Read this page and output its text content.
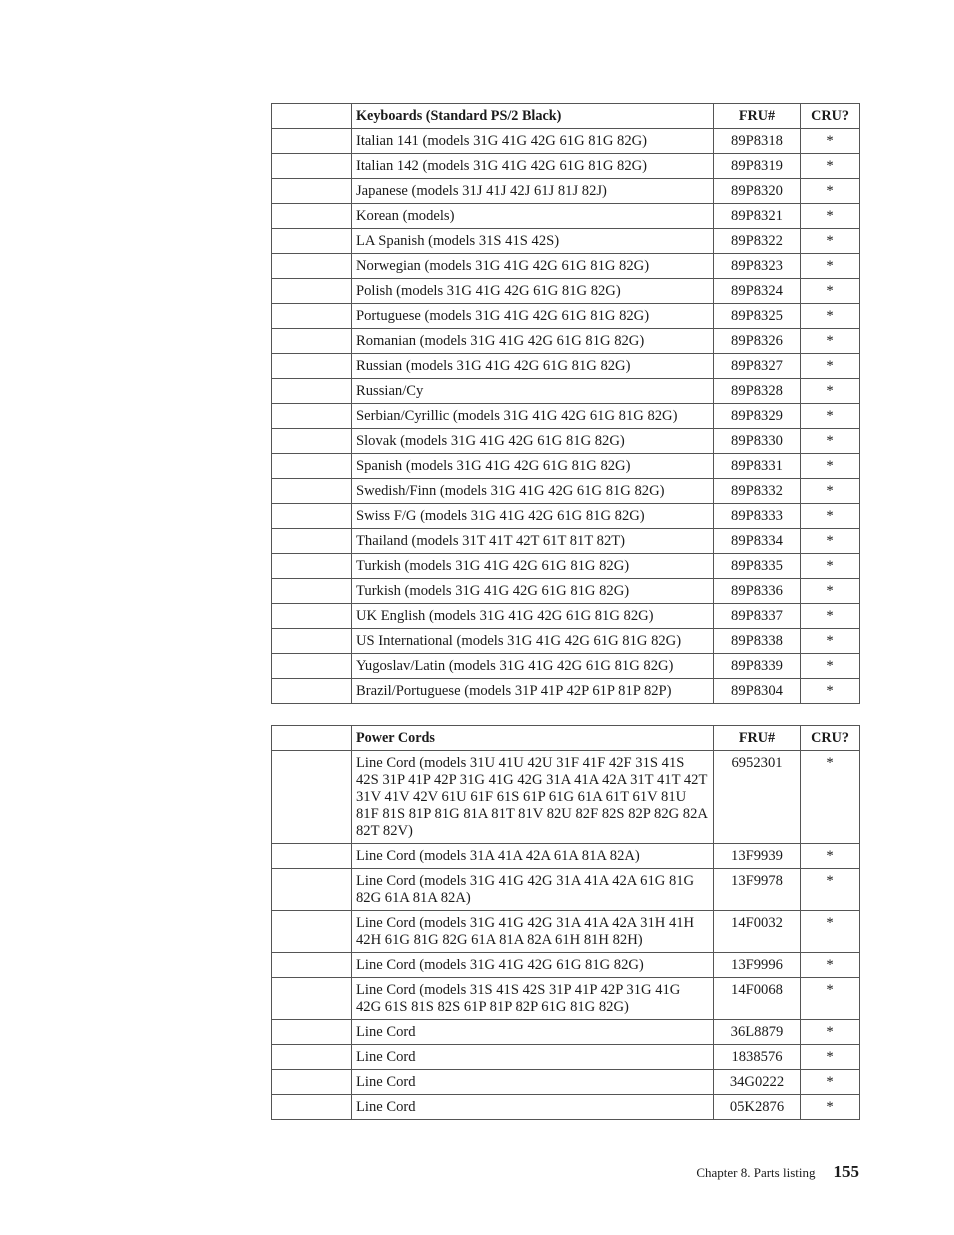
	Keyboards (Standard PS/2 Black)	FRU#	CRU?
	Italian 141 (models 31G 41G 42G 61G 81G 82G)	89P8318	*
	Italian 142 (models 31G 41G 42G 61G 81G 82G)	89P8319	*
	Japanese (models 31J 41J 42J 61J 81J 82J)	89P8320	*
	Korean (models)	89P8321	*
	LA Spanish (models 31S 41S 42S)	89P8322	*
	Norwegian (models 31G 41G 42G 61G 81G 82G)	89P8323	*
	Polish (models 31G 41G 42G 61G 81G 82G)	89P8324	*
	Portuguese (models 31G 41G 42G 61G 81G 82G)	89P8325	*
	Romanian (models 31G 41G 42G 61G 81G 82G)	89P8326	*
	Russian (models 31G 41G 42G 61G 81G 82G)	89P8327	*
	Russian/Cy	89P8328	*
	Serbian/Cyrillic (models 31G 41G 42G 61G 81G 82G)	89P8329	*
	Slovak (models 31G 41G 42G 61G 81G 82G)	89P8330	*
	Spanish (models 31G 41G 42G 61G 81G 82G)	89P8331	*
	Swedish/Finn (models 31G 41G 42G 61G 81G 82G)	89P8332	*
	Swiss F/G (models 31G 41G 42G 61G 81G 82G)	89P8333	*
	Thailand (models 31T 41T 42T 61T 81T 82T)	89P8334	*
	Turkish (models 31G 41G 42G 61G 81G 82G)	89P8335	*
	Turkish (models 31G 41G 42G 61G 81G 82G)	89P8336	*
	UK English (models 31G 41G 42G 61G 81G 82G)	89P8337	*
	US International (models 31G 41G 42G 61G 81G 82G)	89P8338	*
	Yugoslav/Latin (models 31G 41G 42G 61G 81G 82G)	89P8339	*
	Brazil/Portuguese (models 31P 41P 42P 61P 81P 82P)	89P8304	*
	Power Cords	FRU#	CRU?
	Line Cord (models 31U 41U 42U 31F 41F 42F 31S 41S 42S 31P 41P 42P 31G 41G 42G 31A 41A 42A 31T 41T 42T 31V 41V 42V 61U 61F 61S 61P 61G 61A 61T 61V 81U 81F 81S 81P 81G 81A 81T 81V 82U 82F 82S 82P 82G 82A 82T 82V)	6952301	*
	Line Cord (models 31A 41A 42A 61A 81A 82A)	13F9939	*
	Line Cord (models 31G 41G 42G 31A 41A 42A 61G 81G 82G 61A 81A 82A)	13F9978	*
	Line Cord (models 31G 41G 42G 31A 41A 42A 31H 41H 42H 61G 81G 82G 61A 81A 82A 61H 81H 82H)	14F0032	*
	Line Cord (models 31G 41G 42G 61G 81G 82G)	13F9996	*
	Line Cord (models 31S 41S 42S 31P 41P 42P 31G 41G 42G 61S 81S 82S 61P 81P 82P 61G 81G 82G)	14F0068	*
	Line Cord	36L8879	*
	Line Cord	1838576	*
	Line Cord	34G0222	*
	Line Cord	05K2876	*
Chapter 8. Parts listing 155
